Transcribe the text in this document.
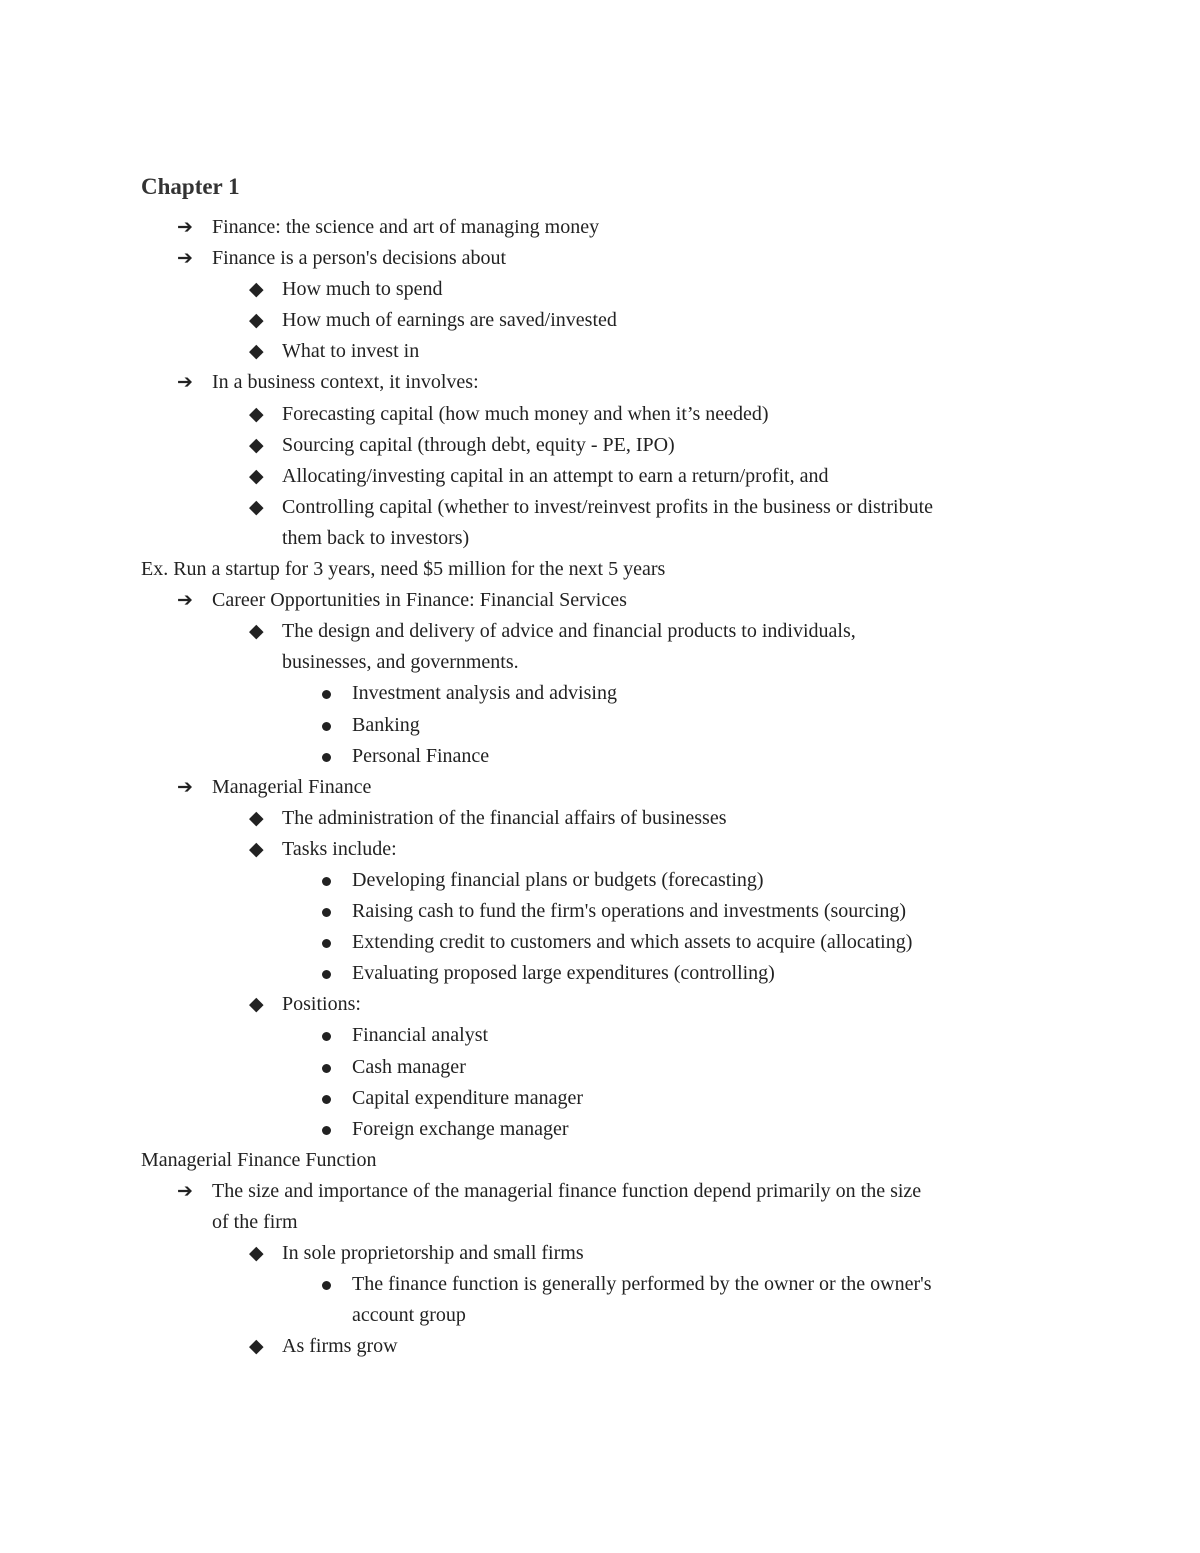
Chapter 1
➔ Finance: the science and art of managing money
➔ Finance is a person's decisions about
◆ How much to spend
◆ How much of earnings are saved/invested
◆ What to invest in
➔ In a business context, it involves:
◆ Forecasting capital (how much money and when it’s needed)
◆ Sourcing capital (through debt, equity - PE, IPO)
◆ Allocating/investing capital in an attempt to earn a return/profit, and
◆ Controlling capital (whether to invest/reinvest profits in the business or distribute
them back to investors)
Ex. Run a startup for 3 years, need $5 million for the next 5 years
➔ Career Opportunities in Finance: Financial Services
◆ The design and delivery of advice and financial products to individuals,
businesses, and governments.
Investment analysis and advising
Banking
Personal Finance
➔ Managerial Finance
◆ The administration of the financial affairs of businesses
◆ Tasks include:
Developing financial plans or budgets (forecasting)
Raising cash to fund the firm's operations and investments (sourcing)
Extending credit to customers and which assets to acquire (allocating)
Evaluating proposed large expenditures (controlling)
◆ Positions:
Financial analyst
Cash manager
Capital expenditure manager
Foreign exchange manager
Managerial Finance Function
➔ The size and importance of the managerial finance function depend primarily on the size
of the firm
◆ In sole proprietorship and small firms
The finance function is generally performed by the owner or the owner's
account group
◆ As firms grow
